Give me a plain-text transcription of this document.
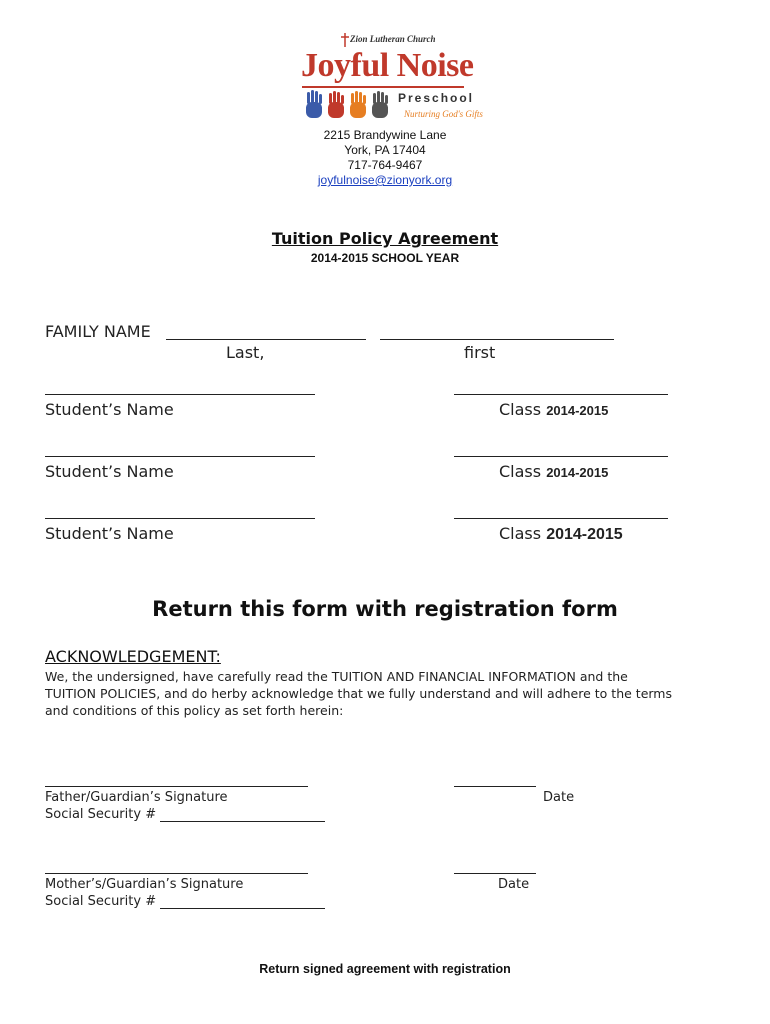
Zion Lutheran Church
Joyful Noise
Preschool
Nurturing God's Gifts
2215 Brandywine Lane
York, PA 17404
717-764-9467
joyfulnoise@zionyork.org
Tuition Policy Agreement
2014-2015 SCHOOL YEAR
FAMILY NAME
Last,	first
Student’s Name	Class 2014-2015
Student’s Name	Class 2014-2015
Student’s Name	Class 2014-2015
Return this form with registration form
ACKNOWLEDGEMENT:
We, the undersigned, have carefully read the TUITION AND FINANCIAL INFORMATION and the
TUITION POLICIES, and do herby acknowledge that we fully understand and will adhere to the terms
and conditions of this policy as set forth herein:
Father/Guardian’s Signature	Date
Social Security #
Mother’s/Guardian’s Signature	Date
Social Security #
Return signed agreement with registration
